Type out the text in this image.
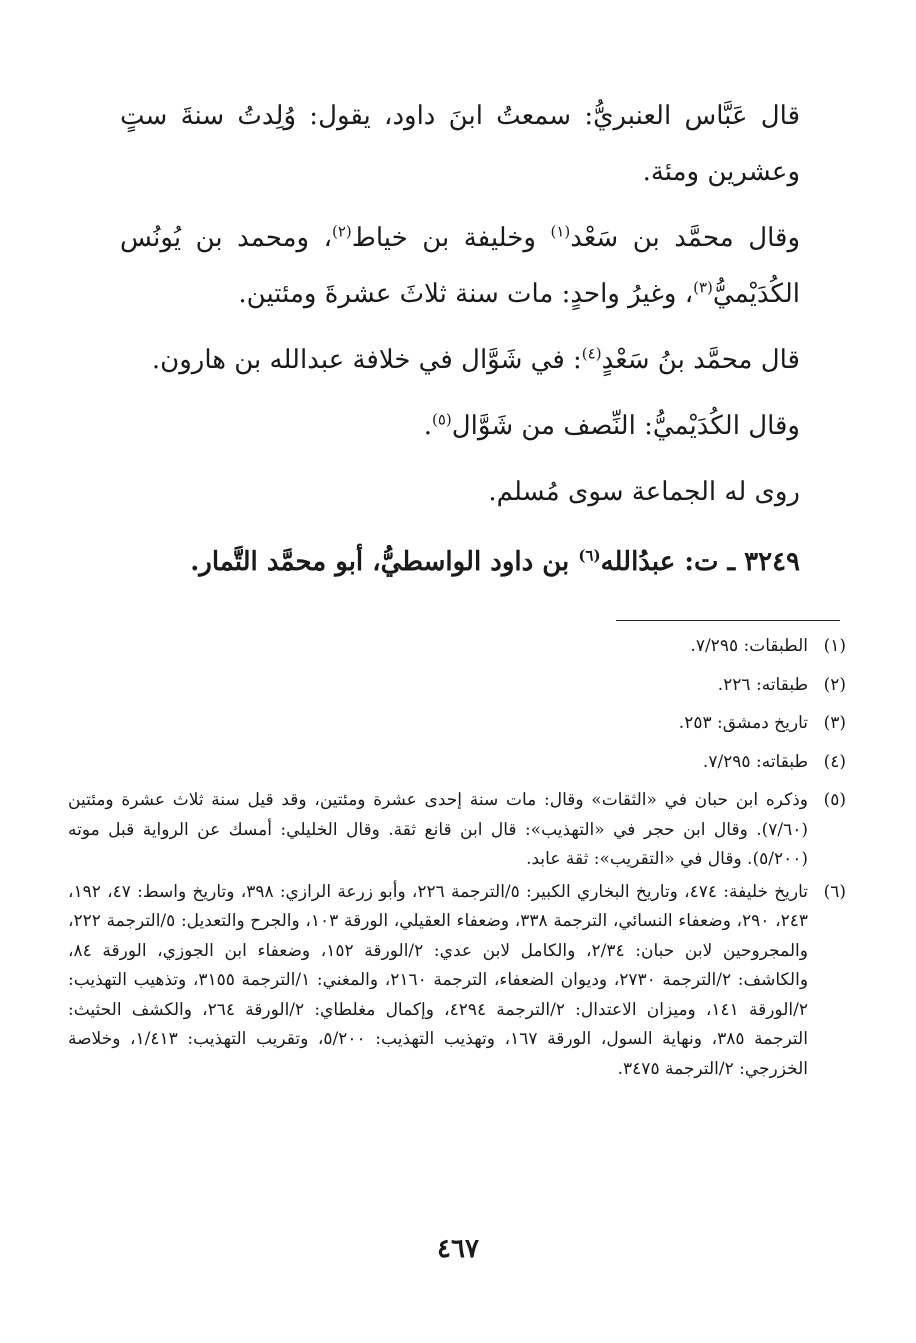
قال عَبَّاس العنبريُّ: سمعتُ ابنَ داود، يقول: وُلِدتُ سنةَ ستٍ وعشرين ومئة.

وقال محمَّد بن سَعْد$^{(١)}$ وخليفة بن خياط$^{(٢)}$، ومحمد بن يُونُس الكُدَيْميُّ$^{(٣)}$، وغيرُ واحدٍ: مات سنة ثلاثَ عشرةَ ومئتين.

قال محمَّد بنُ سَعْدٍ$^{(٤)}$: في شَوَّال في خلافة عبدالله بن هارون.

وقال الكُدَيْميُّ: النِّصف من شَوَّال$^{(٥)}$.

روى له الجماعة سوى مُسلم.

٣٢٤٩ ـ ت: عبدُالله$^{(٦)}$ بن داود الواسطيُّ، أبو محمَّد التَّمار.

(١)
الطبقات: ٧/٢٩٥.
(٢)
طبقاته: ٢٢٦.
(٣)
تاريخ دمشق: ٢٥٣.
(٤)
طبقاته: ٧/٢٩٥.
(٥)
وذكره ابن حبان في «الثقات» وقال: مات سنة إحدى عشرة ومئتين، وقد قيل سنة ثلاث عشرة ومئتين (٧/٦٠). وقال ابن حجر في «التهذيب»: قال ابن قانع ثقة. وقال الخليلي: أمسك عن الرواية قبل موته (٥/٢٠٠). وقال في «التقريب»: ثقة عابد.
(٦)
تاريخ خليفة: ٤٧٤، وتاريخ البخاري الكبير: ٥/الترجمة ٢٢٦، وأبو زرعة الرازي: ٣٩٨، وتاريخ واسط: ٤٧، ١٩٢، ٢٤٣، ٢٩٠، وضعفاء النسائي، الترجمة ٣٣٨، وضعفاء العقيلي، الورقة ١٠٣، والجرح والتعديل: ٥/الترجمة ٢٢٢، والمجروحين لابن حبان: ٢/٣٤، والكامل لابن عدي: ٢/الورقة ١٥٢، وضعفاء ابن الجوزي، الورقة ٨٤، والكاشف: ٢/الترجمة ٢٧٣٠، وديوان الضعفاء، الترجمة ٢١٦٠، والمغني: ١/الترجمة ٣١٥٥، وتذهيب التهذيب: ٢/الورقة ١٤١، وميزان الاعتدال: ٢/الترجمة ٤٢٩٤، وإكمال مغلطاي: ٢/الورقة ٢٦٤، والكشف الحثيث: الترجمة ٣٨٥، ونهاية السول، الورقة ١٦٧، وتهذيب التهذيب: ٥/٢٠٠، وتقريب التهذيب: ١/٤١٣، وخلاصة الخزرجي: ٢/الترجمة ٣٤٧٥.
٤٦٧
